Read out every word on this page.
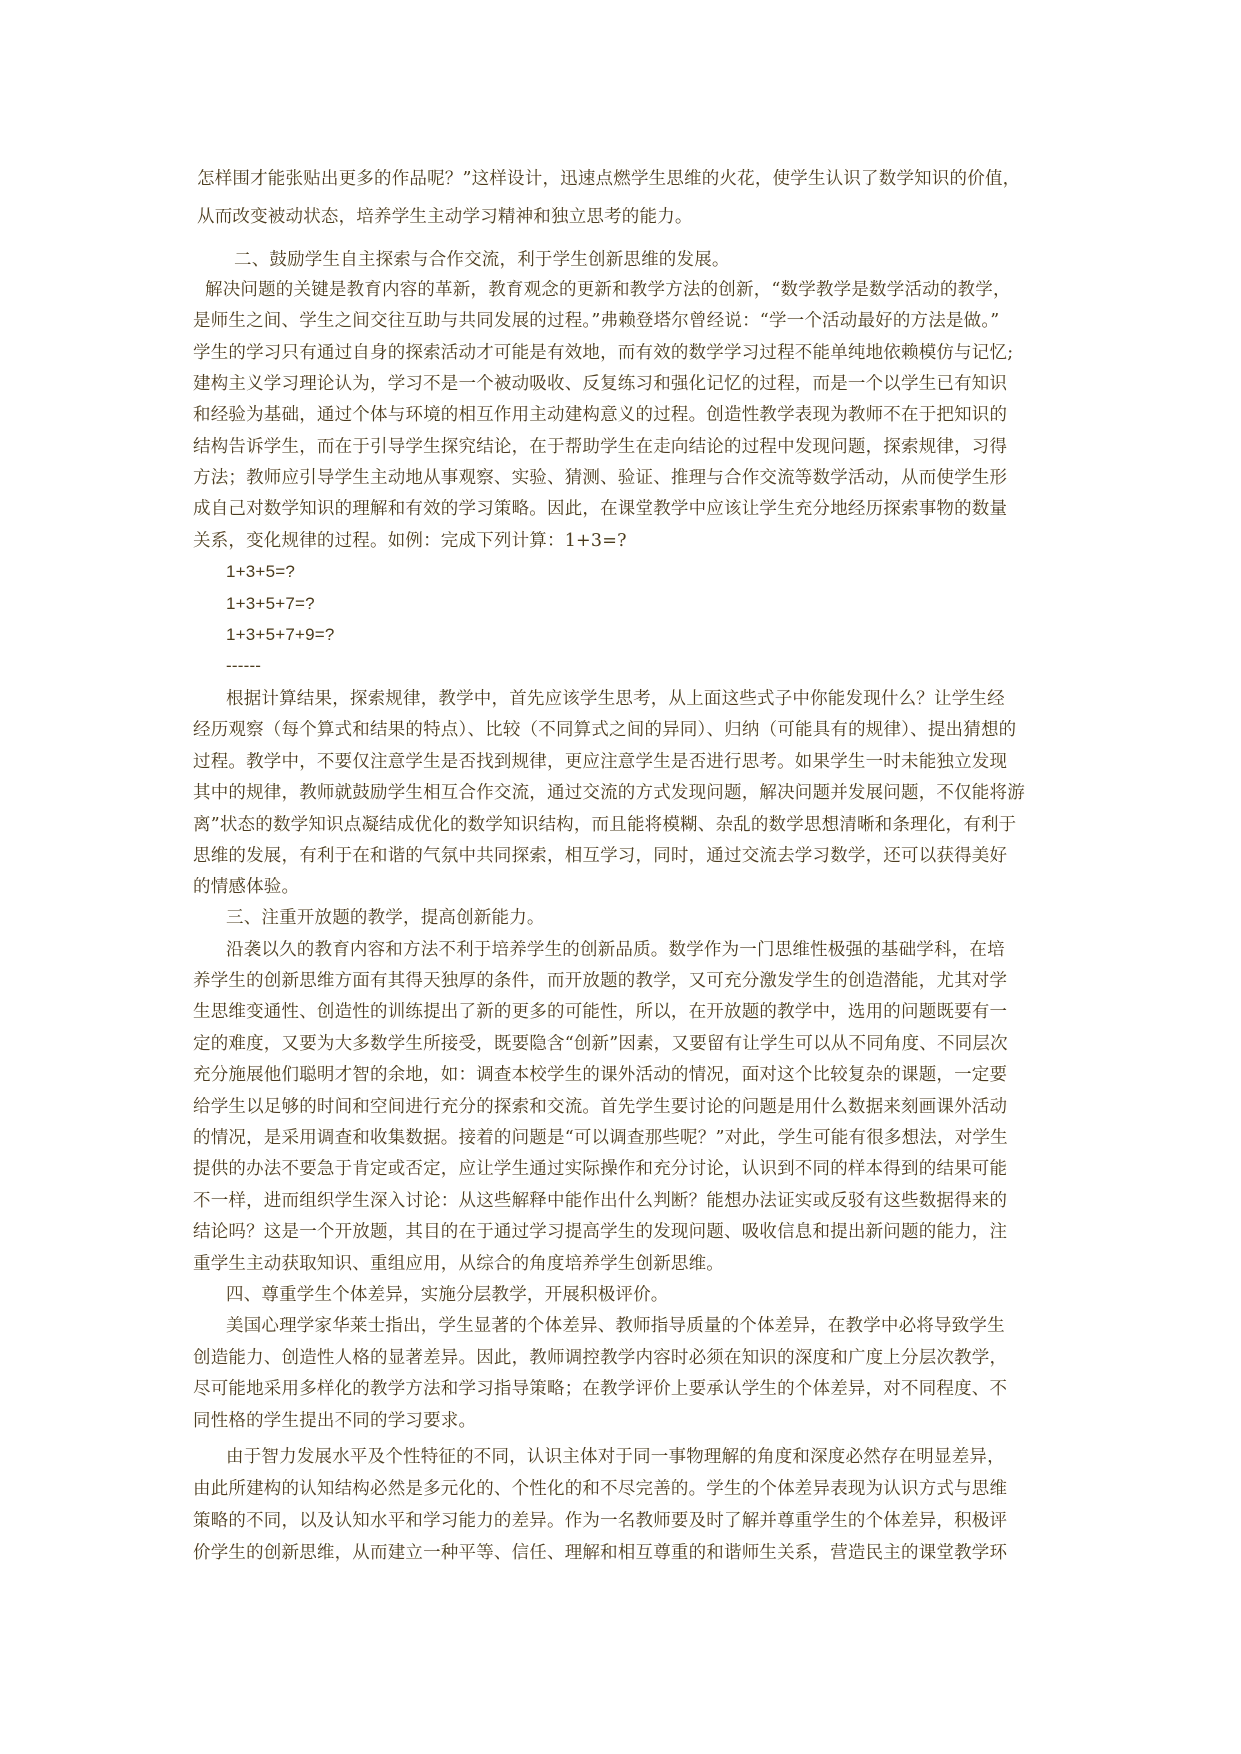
怎样围才能张贴出更多的作品呢？”这样设计，迅速点燃学生思维的火花，使学生认识了数学知识的价值，
从而改变被动状态，培养学生主动学习精神和独立思考的能力。
二、鼓励学生自主探索与合作交流，利于学生创新思维的发展。
解决问题的关键是教育内容的革新，教育观念的更新和教学方法的创新，“数学教学是数学活动的教学，
是师生之间、学生之间交往互助与共同发展的过程。”弗赖登塔尔曾经说：“学一个活动最好的方法是做。”
学生的学习只有通过自身的探索活动才可能是有效地，而有效的数学学习过程不能单纯地依赖模仿与记忆;
建构主义学习理论认为，学习不是一个被动吸收、反复练习和强化记忆的过程，而是一个以学生已有知识
和经验为基础，通过个体与环境的相互作用主动建构意义的过程。创造性教学表现为教师不在于把知识的
结构告诉学生，而在于引导学生探究结论，在于帮助学生在走向结论的过程中发现问题，探索规律，习得
方法；教师应引导学生主动地从事观察、实验、猜测、验证、推理与合作交流等数学活动，从而使学生形
成自己对数学知识的理解和有效的学习策略。因此，在课堂教学中应该让学生充分地经历探索事物的数量
关系，变化规律的过程。如例：完成下列计算：1+3=?
1+3+5=?
1+3+5+7=?
1+3+5+7+9=?
------
根据计算结果，探索规律，教学中，首先应该学生思考，从上面这些式子中你能发现什么？让学生经
经历观察（每个算式和结果的特点）、比较（不同算式之间的异同）、归纳（可能具有的规律）、提出猜想的
过程。教学中，不要仅注意学生是否找到规律，更应注意学生是否进行思考。如果学生一时未能独立发现
其中的规律，教师就鼓励学生相互合作交流，通过交流的方式发现问题，解决问题并发展问题，不仅能将游
离”状态的数学知识点凝结成优化的数学知识结构，而且能将模糊、杂乱的数学思想清晰和条理化，有利于
思维的发展，有利于在和谐的气氛中共同探索，相互学习，同时，通过交流去学习数学，还可以获得美好
的情感体验。
三、注重开放题的教学，提高创新能力。
沿袭以久的教育内容和方法不利于培养学生的创新品质。数学作为一门思维性极强的基础学科，在培
养学生的创新思维方面有其得天独厚的条件，而开放题的教学，又可充分激发学生的创造潜能，尤其对学
生思维变通性、创造性的训练提出了新的更多的可能性，所以，在开放题的教学中，选用的问题既要有一
定的难度，又要为大多数学生所接受，既要隐含“创新”因素，又要留有让学生可以从不同角度、不同层次
充分施展他们聪明才智的余地，如：调查本校学生的课外活动的情况，面对这个比较复杂的课题，一定要
给学生以足够的时间和空间进行充分的探索和交流。首先学生要讨论的问题是用什么数据来刻画课外活动
的情况，是采用调查和收集数据。接着的问题是“可以调查那些呢？”对此，学生可能有很多想法，对学生
提供的办法不要急于肯定或否定，应让学生通过实际操作和充分讨论，认识到不同的样本得到的结果可能
不一样，进而组织学生深入讨论：从这些解释中能作出什么判断？能想办法证实或反驳有这些数据得来的
结论吗？这是一个开放题，其目的在于通过学习提高学生的发现问题、吸收信息和提出新问题的能力，注
重学生主动获取知识、重组应用，从综合的角度培养学生创新思维。
四、尊重学生个体差异，实施分层教学，开展积极评价。
美国心理学家华莱士指出，学生显著的个体差异、教师指导质量的个体差异，在教学中必将导致学生
创造能力、创造性人格的显著差异。因此，教师调控教学内容时必须在知识的深度和广度上分层次教学，
尽可能地采用多样化的教学方法和学习指导策略；在教学评价上要承认学生的个体差异，对不同程度、不
同性格的学生提出不同的学习要求。
由于智力发展水平及个性特征的不同，认识主体对于同一事物理解的角度和深度必然存在明显差异，
由此所建构的认知结构必然是多元化的、个性化的和不尽完善的。学生的个体差异表现为认识方式与思维
策略的不同，以及认知水平和学习能力的差异。作为一名教师要及时了解并尊重学生的个体差异，积极评
价学生的创新思维，从而建立一种平等、信任、理解和相互尊重的和谐师生关系，营造民主的课堂教学环
